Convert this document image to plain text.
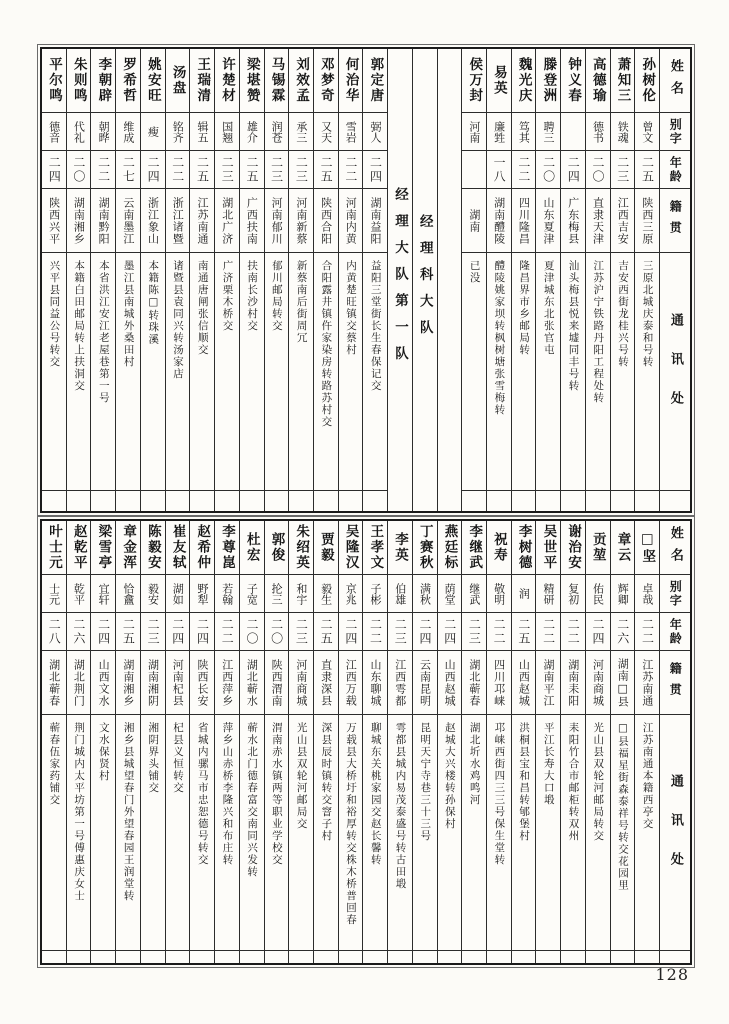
姓名
别字
年龄
籍贯
通讯处
孙树伦
曾文
二五
陕西三原
三原北城庆泰和号转
萧知三
铁魂
二三
江西吉安
吉安西街龙桂兴号转
高德瑜
德书
二〇
直隶天津
江苏沪宁铁路丹阳工程处转
钟义春
二四
广东梅县
汕头梅县悦来墟同丰号转
滕登洲
聘三
二〇
山东夏津
夏津城东北张官屯
魏光庆
笃其
二二
四川隆昌
隆昌界市乡邮局转
易英
廉甡
一八
湖南醴陵
醴陵姚家坝转枫树塘张雪梅转
侯万封
河南
湖南
已没
经理科大队
经理大队第一队
郭定唐
弼人
二四
湖南益阳
益阳三堂街长生春保记交
何治华
雪岩
二二
河南内黄
内黄楚旺镇交蔡村
邓梦奇
又天
二五
陕西合阳
合阳露井镇仵家染房转路苏村交
刘效孟
承三
二三
河南新蔡
新蔡南后街周冗
马锡霖
润苍
二三
河南郁川
郁川邮局转交
梁堪赞
雄介
二五
广西扶南
扶南长沙村交
许楚材
国翘
二三
湖北广济
广济栗木桥交
王瑞清
辑五
二五
江苏南通
南通唐闸张信顺交
汤盘
铭齐
二二
浙江诸暨
诸暨县袁同兴转汤家店
姚安旺
瘦
二四
浙江象山
本籍陈□转珠溪
罗希哲
维成
二七
云南墨江
墨江县南城外桑田村
李朝辟
朝晔
二二
湖南黔阳
本省洪江安江老屋巷第一号
朱则鸣
代礼
二〇
湖南湘乡
本籍白田邮局转上扶洞交
平尔鸣
德音
二四
陕西兴平
兴平县同益公号转交
姓名
别字
年龄
籍贯
通讯处
□坚
卓哉
二二
江苏南通
江苏南通本籍西亭交
章云
辉卿
二六
湖南□县
□县福星街森泰祥号转交花园里
贡堃
佑民
二四
河南商城
光山县双轮河邮局转交
谢治安
复初
二二
湖南耒阳
耒阳竹合市邮柜转双州
吴世平
精研
二二
湖南平江
平江长寿大口塅
李树德
润
二五
山西赵城
洪桐县宝和昌转郇堡村
祝寿
敬明
二二
四川邛崃
邛崃西街四三三号保生堂转
李继武
继武
二三
湖北蕲春
湖北圻水鸡鸣河
燕廷标
荫堂
二四
山西赵城
赵城大兴楼转孙保村
丁赛秋
满秋
二四
云南昆明
昆明天宁寺巷三十三号
李英
伯雄
二三
江西雩都
雩都县城内易茂泰盛号转古田塅
王孝文
子彬
二二
山东聊城
聊城东关桃家园交赵长馨转
吴隆汉
京兆
二四
江西万载
万载县大桥圩和裕厚转交株木桥普回春
贾毅
毅生
二五
直隶深县
深县辰时镇转交窨子村
朱绍英
和宇
二三
河南商城
光山县双轮河邮局交
郭俊
抡三
二〇
陕西渭南
渭南赤水镇两等职业学校交
杜宏
子宽
二〇
湖北蕲水
蕲水北门德春富交南同兴发转
李尊崑
若翰
二二
江西萍乡
萍乡山赤桥李隆兴和布庄转
赵希仲
野犁
二四
陕西长安
省城内骡马市忠恕德号转交
崔友轼
湖如
二四
河南杞县
杞县义恒转交
陈毅安
毅安
二三
湖南湘阴
湘阴界头铺交
章金浑
恰盫
二五
湖南湘乡
湘乡县城望春门外望春园王润堂转
梁雪亭
宜轩
二四
山西文水
文水保贤村
赵乾平
乾平
二六
湖北荆门
荆门城内太平坊第一号傅惠庆女士
叶士元
士元
二八
湖北蕲春
蕲春伍家药铺交
128
